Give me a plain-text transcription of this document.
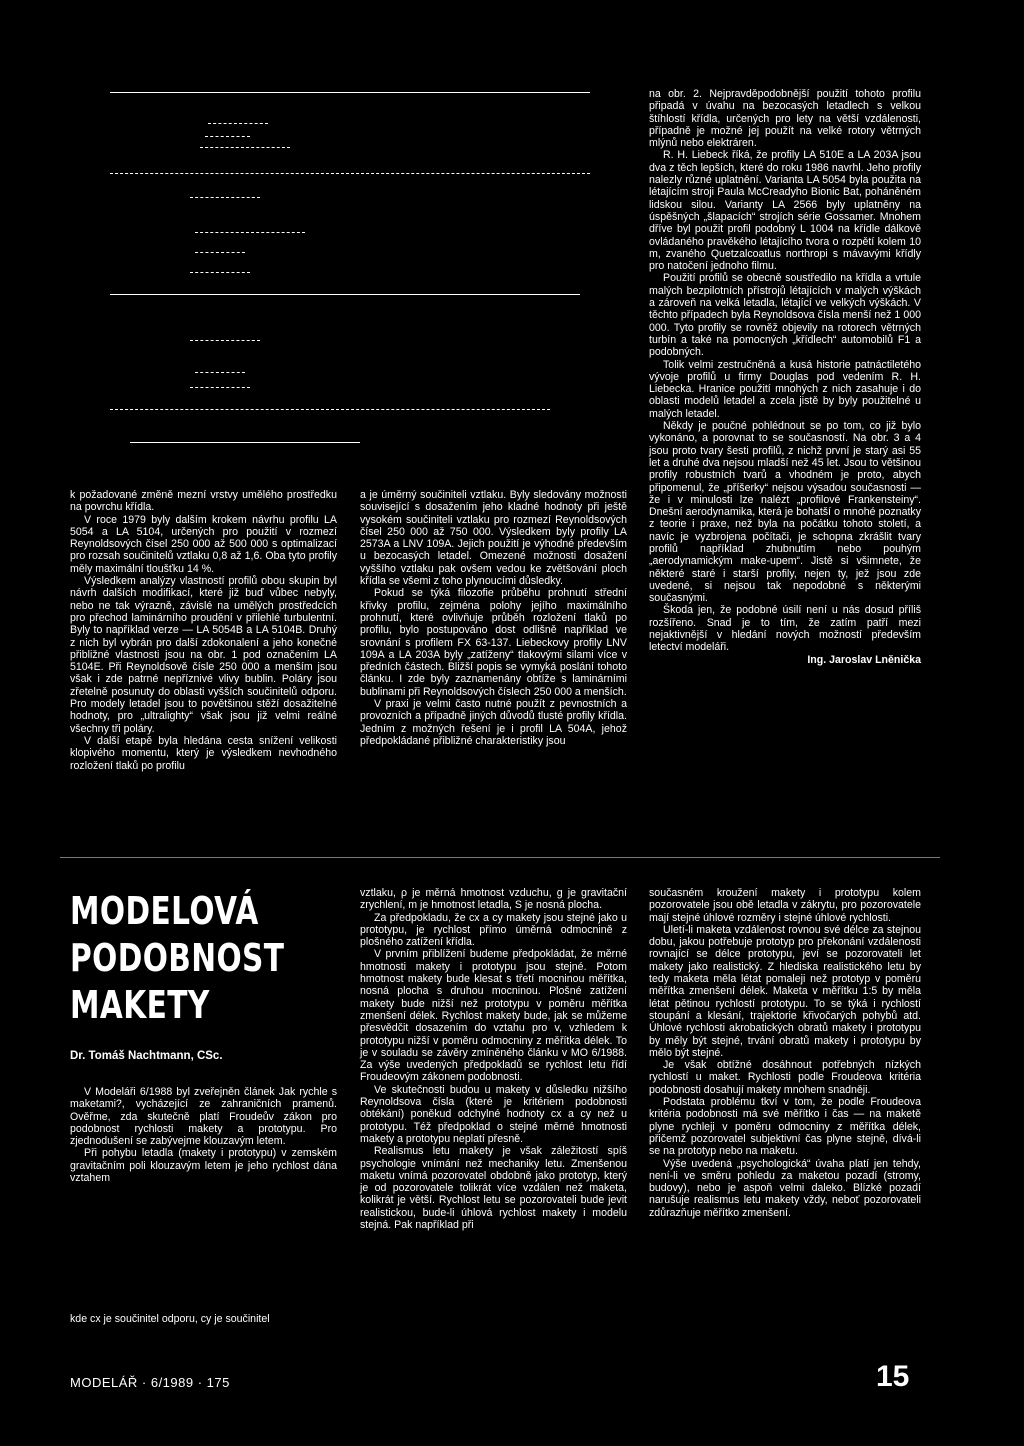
k požadované změně mezní vrstvy umělého prostředku na povrchu křídla.

V roce 1979 byly dalším krokem návrhu profilu LA 5054 a LA 5104, určených pro použití v rozmezí Reynoldsových čísel 250 000 až 500 000 s optimalizací pro rozsah součinitelů vztlaku 0,8 až 1,6. Oba tyto profily měly maximální tloušťku 14 %.

Výsledkem analýzy vlastností profilů obou skupin byl návrh dalších modifikací, které již buď vůbec nebyly, nebo ne tak výrazně, závislé na umělých prostředcích pro přechod laminárního proudění v přilehlé turbulentní. Byly to například verze — LA 5054B a LA 5104B. Druhý z nich byl vybrán pro další zdokonalení a jeho konečné přibližné vlastnosti jsou na obr. 1 pod označením LA 5104E. Při Reynoldsově čísle 250 000 a menším jsou však i zde patrné nepříznivé vlivy bublin. Poláry jsou zřetelně posunuty do oblasti vyšších součinitelů odporu. Pro modely letadel jsou to povětšinou stěží dosažitelné hodnoty, pro „ultralighty“ však jsou již velmi reálné všechny tři poláry.

V další etapě byla hledána cesta snížení velikosti klopivého momentu, který je výsledkem nevhodného rozložení tlaků po profilu

a je úměrný součiniteli vztlaku. Byly sledovány možnosti související s dosažením jeho kladné hodnoty při ještě vysokém součiniteli vztlaku pro rozmezí Reynoldsových čísel 250 000 až 750 000. Výsledkem byly profily LA 2573A a LNV 109A. Jejich použití je výhodné především u bezocasých letadel. Omezené možnosti dosažení vyššího vztlaku pak ovšem vedou ke zvětšování ploch křídla se všemi z toho plynoucími důsledky.

Pokud se týká filozofie průběhu prohnutí střední křivky profilu, zejména polohy jejího maximálního prohnutí, které ovlivňuje průběh rozložení tlaků po profilu, bylo postupováno dost odlišně například ve srovnání s profilem FX 63-137. Liebeckovy profily LNV 109A a LA 203A byly „zatíženy“ tlakovými silami více v předních částech. Bližší popis se vymyká poslání tohoto článku. I zde byly zaznamenány obtíže s laminárními bublinami při Reynoldsových číslech 250 000 a menších.

V praxi je velmi často nutné použít z pevnostních a provozních a případně jiných důvodů tlusté profily křídla. Jedním z možných řešení je i profil LA 504A, jehož předpokládané přibližné charakteristiky jsou

na obr. 2. Nejpravděpodobnější použití tohoto profilu připadá v úvahu na bezocasých letadlech s velkou štíhlostí křídla, určených pro lety na větší vzdálenosti, případně je možné jej použít na velké rotory větrných mlýnů nebo elektráren.

R. H. Liebeck říká, že profily LA 510E a LA 203A jsou dva z těch lepších, které do roku 1986 navrhl. Jeho profily nalezly různé uplatnění. Varianta LA 5054 byla použita na létajícím stroji Paula McCreadyho Bionic Bat, poháněném lidskou silou. Varianty LA 2566 byly uplatněny na úspěšných „šlapacích“ strojích série Gossamer. Mnohem dříve byl použit profil podobný L 1004 na křídle dálkově ovládaného pravěkého létajícího tvora o rozpětí kolem 10 m, zvaného Quetzalcoatlus northropi s mávavými křídly pro natočení jednoho filmu.

Použití profilů se obecně soustředilo na křídla a vrtule malých bezpilotních přístrojů létajících v malých výškách a zároveň na velká letadla, létající ve velkých výškách. V těchto případech byla Reynoldsova čísla menší než 1 000 000. Tyto profily se rovněž objevily na rotorech větrných turbín a také na pomocných „křídlech“ automobilů F1 a podobných.

Tolik velmi zestručněná a kusá historie patnáctiletého vývoje profilů u firmy Douglas pod vedením R. H. Liebecka. Hranice použití mnohých z nich zasahuje i do oblasti modelů letadel a zcela jistě by byly použitelné u malých letadel.

Někdy je poučné pohlédnout se po tom, co již bylo vykonáno, a porovnat to se současností. Na obr. 3 a 4 jsou proto tvary šesti profilů, z nichž první je starý asi 55 let a druhé dva nejsou mladší než 45 let. Jsou to většinou profily robustních tvarů a vhodném je proto, abych připomenul, že „příšerky“ nejsou výsadou současnosti — že i v minulosti lze nalézt „profilové Frankensteiny“. Dnešní aerodynamika, která je bohatší o mnohé poznatky z teorie i praxe, než byla na počátku tohoto století, a navíc je vyzbrojena počítači, je schopna zkrášlit tvary profilů například zhubnutím nebo pouhým „aerodynamickým make-upem“. Jistě si všimnete, že některé staré i starší profily, nejen ty, jež jsou zde uvedené, si nejsou tak nepodobné s některými současnými.

Škoda jen, že podobné úsilí není u nás dosud příliš rozšířeno. Snad je to tím, že zatím patří mezi nejaktivnější v hledání nových možností především letectví modeláři.

Ing. Jaroslav Lnĕnička

MODELOVÁ
PODOBNOST
MAKETY
Dr. Tomáš Nachtmann, CSc.

V Modeláři 6/1988 byl zveřejněn článek Jak rychle s maketami?, vycházející ze zahraničních pramenů. Ověřme, zda skutečně platí Froudeův zákon pro podobnost rychlosti makety a prototypu. Pro zjednodušení se zabývejme klouzavým letem.

Při pohybu letadla (makety i prototypu) v zemském gravitačním poli klouzavým letem je jeho rychlost dána vztahem

kde cx je součinitel odporu, cy je součinitel

vztlaku, ρ je měrná hmotnost vzduchu, g je gravitační zrychlení, m je hmotnost letadla, S je nosná plocha.

Za předpokladu, že cx a cy makety jsou stejné jako u prototypu, je rychlost přímo úměrná odmocnině z plošného zatížení křídla.

V prvním přiblížení budeme předpokládat, že měrné hmotnosti makety i prototypu jsou stejné. Potom hmotnost makety bude klesat s třetí mocninou měřítka, nosná plocha s druhou mocninou. Plošné zatížení makety bude nižší než prototypu v poměru měřítka zmenšení délek. Rychlost makety bude, jak se můžeme přesvědčit dosazením do vztahu pro v, vzhledem k prototypu nižší v poměru odmocniny z měřítka délek. To je v souladu se závěry zmíněného článku v MO 6/1988. Za výše uvedených předpokladů se rychlost letu řídí Froudeovým zákonem podobnosti.

Ve skutečnosti budou u makety v důsledku nižšího Reynoldsova čísla (které je kritériem podobnosti obtékání) poněkud odchylné hodnoty cx a cy než u prototypu. Též předpoklad o stejné měrné hmotnosti makety a prototypu neplatí přesně.

Realismus letu makety je však záležitostí spíš psychologie vnímání než mechaniky letu. Zmenšenou maketu vnímá pozorovatel obdobně jako prototyp, který je od pozorovatele tolikrát více vzdálen než maketa, kolikrát je větší. Rychlost letu se pozorovateli bude jevit realistickou, bude-li úhlová rychlost makety i modelu stejná. Pak například při

současném kroužení makety i prototypu kolem pozorovatele jsou obě letadla v zákrytu, pro pozorovatele mají stejné úhlové rozměry i stejné úhlové rychlosti.

Uletí-li maketa vzdálenost rovnou své délce za stejnou dobu, jakou potřebuje prototyp pro překonání vzdálenosti rovnající se délce prototypu, jeví se pozorovateli let makety jako realistický. Z hlediska realistického letu by tedy maketa měla létat pomaleji než prototyp v poměru měřítka zmenšení délek. Maketa v měřítku 1:5 by měla létat pětinou rychlostí prototypu. To se týká i rychlostí stoupání a klesání, trajektorie křivočarých pohybů atd. Úhlové rychlosti akrobatických obratů makety i prototypu by měly být stejné, trvání obratů makety i prototypu by mělo být stejné.

Je však obtížné dosáhnout potřebných nízkých rychlostí u maket. Rychlosti podle Froudeova kritéria podobnosti dosahují makety mnohem snadněji.

Podstata problému tkví v tom, že podle Froudeova kritéria podobnosti má své měřítko i čas — na maketě plyne rychleji v poměru odmocniny z měřítka délek, přičemž pozorovatel subjektivní čas plyne stejně, dívá-li se na prototyp nebo na maketu.

Výše uvedená „psychologická“ úvaha platí jen tehdy, není-li ve směru pohledu za maketou pozadí (stromy, budovy), nebo je aspoň velmi daleko. Blízké pozadí narušuje realismus letu makety vždy, neboť pozorovateli zdůrazňuje měřítko zmenšení.

MODELÁŘ · 6/1989 · 175	15
